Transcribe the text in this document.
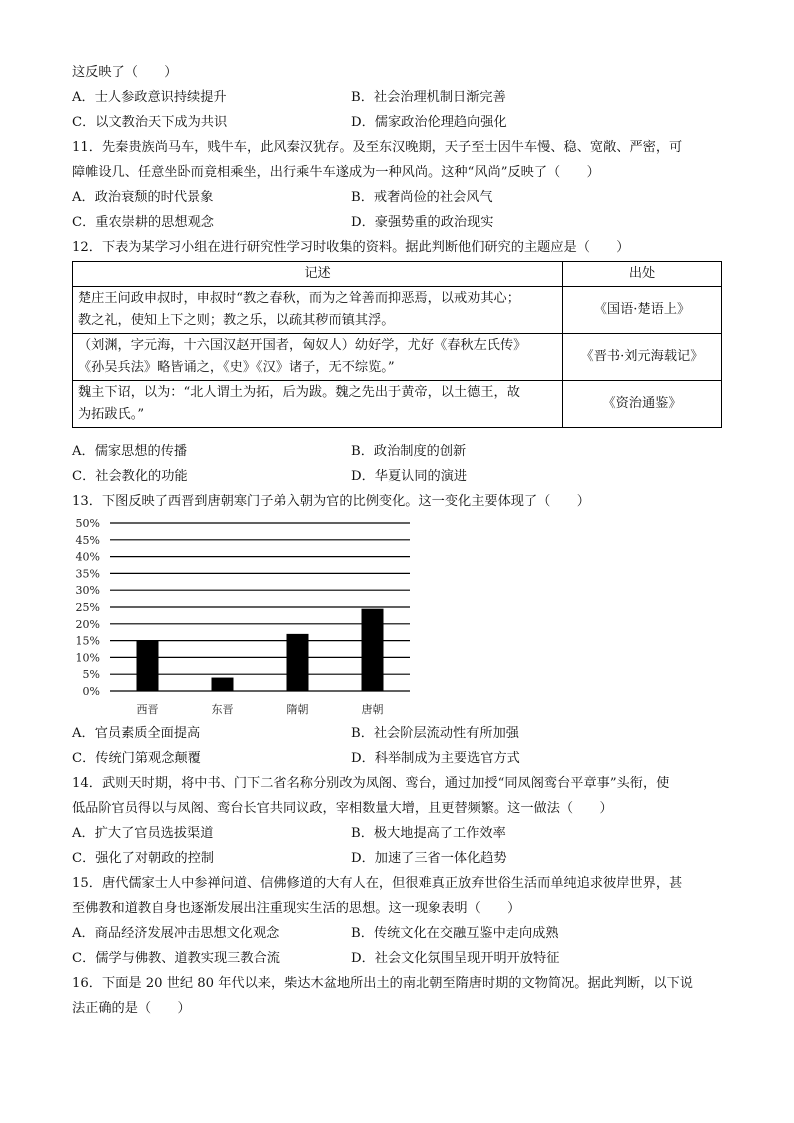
这反映了（　　）
A．士人参政意识持续提升	B．社会治理机制日渐完善
C．以文教治天下成为共识	D．儒家政治伦理趋向强化
11．先秦贵族尚马车，贱牛车，此风秦汉犹存。及至东汉晚期，天子至士因牛车慢、稳、宽敞、严密，可
障帷设几、任意坐卧而竟相乘坐，出行乘牛车遂成为一种风尚。这种“风尚”反映了（　　）
A．政治衰颓的时代景象	B．戒奢尚俭的社会风气
C．重农崇耕的思想观念	D．豪强势重的政治现实
12．下表为某学习小组在进行研究性学习时收集的资料。据此判断他们研究的主题应是（　　）
记述	出处

楚庄王问政申叔时，申叔时“教之春秋，而为之耸善而抑恶焉，以戒劝其心；
教之礼，使知上下之则；教之乐，以疏其秽而镇其浮。	《国语·楚语上》

（刘渊，字元海，十六国汉赵开国者，匈奴人）幼好学，尤好《春秋左氏传》
《孙吴兵法》略皆诵之，《史》《汉》诸子，无不综览。”	《晋书·刘元海载记》

魏主下诏，以为：“北人谓土为拓，后为跋。魏之先出于黄帝，以土德王，故
为拓跋氏。”	《资治通鉴》
A．儒家思想的传播	B．政治制度的创新
C．社会教化的功能	D．华夏认同的演进
13．下图反映了西晋到唐朝寒门子弟入朝为官的比例变化。这一变化主要体现了（　　）
0%
5%
10%
15%
20%
25%
30%
35%
40%
45%
50%
西晋	东晋	隋朝	唐朝
A．官员素质全面提高	B．社会阶层流动性有所加强
C．传统门第观念颠覆	D．科举制成为主要选官方式
14．武则天时期，将中书、门下二省名称分别改为凤阁、鸾台，通过加授“同凤阁鸾台平章事”头衔，使
低品阶官员得以与凤阁、鸾台长官共同议政，宰相数量大增，且更替频繁。这一做法（　　）
A．扩大了官员选拔渠道	B．极大地提高了工作效率
C．强化了对朝政的控制	D．加速了三省一体化趋势
15．唐代儒家士人中参禅问道、信佛修道的大有人在，但很难真正放弃世俗生活而单纯追求彼岸世界，甚
至佛教和道教自身也逐渐发展出注重现实生活的思想。这一现象表明（　　）
A．商品经济发展冲击思想文化观念	B．传统文化在交融互鉴中走向成熟
C．儒学与佛教、道教实现三教合流	D．社会文化氛围呈现开明开放特征
16．下面是 20 世纪 80 年代以来，柴达木盆地所出土的南北朝至隋唐时期的文物简况。据此判断，以下说
法正确的是（　　）
